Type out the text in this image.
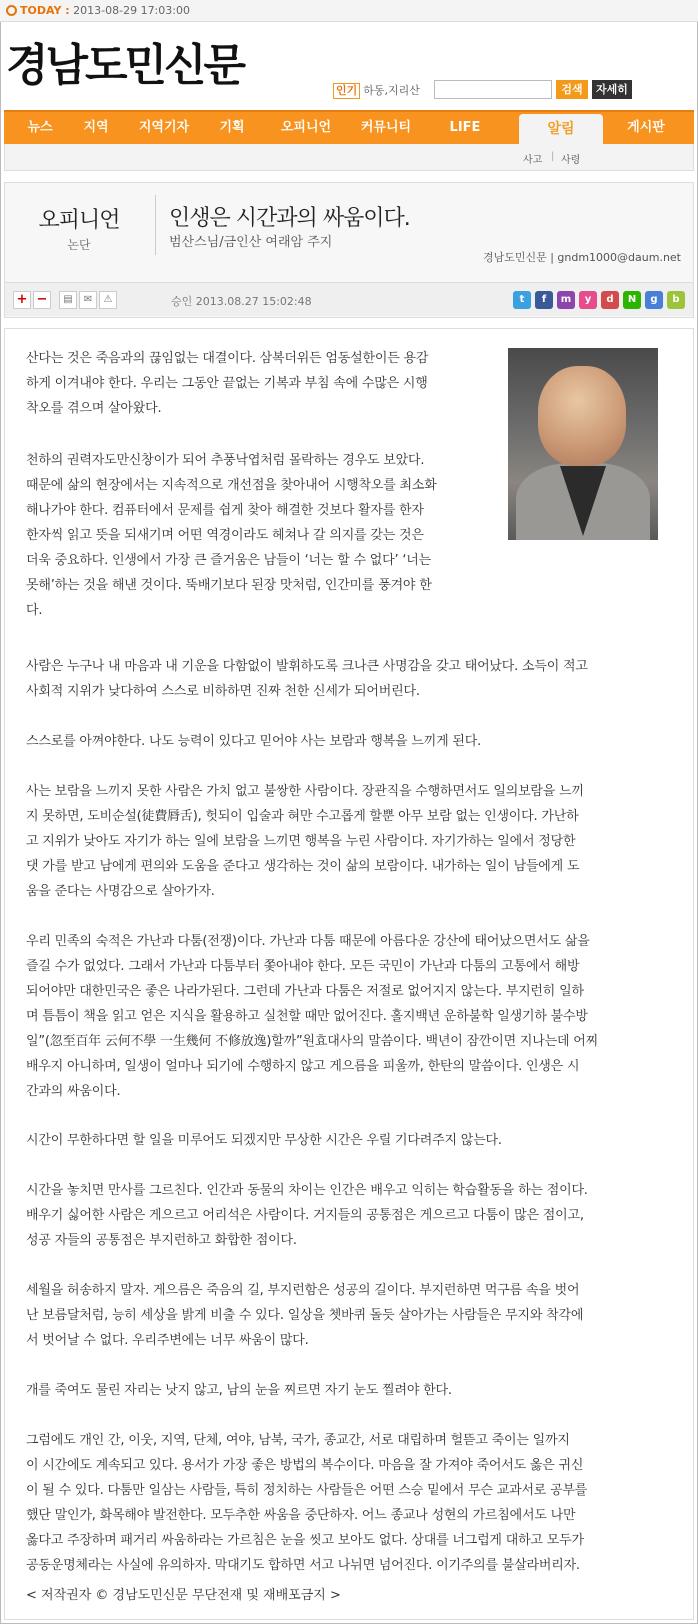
TODAY : 2013-08-29 17:03:00
경남도민신문	인기 하동,지리산	검색	자세히
뉴스	지역	지역기자	기획	오피니언	커뮤니티	LIFE	알림	게시판
사고 | 사령
오피니언
논단
인생은 시간과의 싸움이다.
범산스님/금인산 여래암 주지
경남도민신문 | gndm1000@daum.net
+ −	▤	✉	⚠	승인 2013.08.27 15:02:48	t	f	m	y	d	N	g	b
산다는 것은 죽음과의 끊임없는 대결이다. 삼복더위든 엄동설한이든 용감
하게 이겨내야 한다. 우리는 그동안 끝없는 기복과 부침 속에 수많은 시행
착오를 겪으며 살아왔다.
천하의 권력자도만신창이가 되어 추풍낙엽처럼 몰락하는 경우도 보았다.
때문에 삶의 현장에서는 지속적으로 개선점을 찾아내어 시행착오를 최소화
해나가야 한다. 컴퓨터에서 문제를 쉽게 찾아 해결한 것보다 활자를 한자
한자씩 읽고 뜻을 되새기며 어떤 역경이라도 헤쳐나 갈 의지를 갖는 것은
더욱 중요하다. 인생에서 가장 큰 즐거움은 남들이 ‘너는 할 수 없다’ ‘너는
못해’하는 것을 해낸 것이다. 뚝배기보다 된장 맛처럼, 인간미를 풍겨야 한
다.
사람은 누구나 내 마음과 내 기운을 다함없이 발휘하도록 크나큰 사명감을 갖고 태어났다. 소득이 적고
사회적 지위가 낮다하여 스스로 비하하면 진짜 천한 신세가 되어버린다.
스스로를 아껴야한다. 나도 능력이 있다고 믿어야 사는 보람과 행복을 느끼게 된다.
사는 보람을 느끼지 못한 사람은 가치 없고 불쌍한 사람이다. 장관직을 수행하면서도 일의보람을 느끼
지 못하면, 도비순설(徒費脣舌), 헛되이 입술과 혀만 수고롭게 할뿐 아무 보람 없는 인생이다. 가난하
고 지위가 낮아도 자기가 하는 일에 보람을 느끼면 행복을 누린 사람이다. 자기가하는 일에서 정당한
댓 가를 받고 남에게 편의와 도움을 준다고 생각하는 것이 삶의 보람이다. 내가하는 일이 남들에게 도
움을 준다는 사명감으로 살아가자.
우리 민족의 숙적은 가난과 다툼(전쟁)이다. 가난과 다툼 때문에 아름다운 강산에 태어났으면서도 삶을
즐길 수가 없었다. 그래서 가난과 다툼부터 쫓아내야 한다. 모든 국민이 가난과 다툼의 고통에서 해방
되어야만 대한민국은 좋은 나라가된다. 그런데 가난과 다툼은 저절로 없어지지 않는다. 부지런히 일하
며 틈틈이 책을 읽고 얻은 지식을 활용하고 실천할 때만 없어진다. 홀지백년 운하불학 일생기하 불수방
일”(忽至百年 云何不學 一生幾何 不修放逸)할까”원효대사의 말씀이다. 백년이 잠깐이면 지나는데 어찌
배우지 아니하며, 일생이 얼마나 되기에 수행하지 않고 게으름을 피울까, 한탄의 말씀이다. 인생은 시
간과의 싸움이다.
시간이 무한하다면 할 일을 미루어도 되겠지만 무상한 시간은 우릴 기다려주지 않는다.
시간을 놓치면 만사를 그르친다. 인간과 동물의 차이는 인간은 배우고 익히는 학습활동을 하는 점이다.
배우기 싫어한 사람은 게으르고 어리석은 사람이다. 거지들의 공통점은 게으르고 다툼이 많은 점이고,
성공 자들의 공통점은 부지런하고 화합한 점이다.
세월을 허송하지 말자. 게으름은 죽음의 길, 부지런함은 성공의 길이다. 부지런하면 먹구름 속을 벗어
난 보름달처럼, 능히 세상을 밝게 비출 수 있다. 일상을 쳇바퀴 돌듯 살아가는 사람들은 무지와 착각에
서 벗어날 수 없다. 우리주변에는 너무 싸움이 많다.
개를 죽여도 물린 자리는 낫지 않고, 남의 눈을 찌르면 자기 눈도 찔려야 한다.
그럼에도 개인 간, 이웃, 지역, 단체, 여야, 남북, 국가, 종교간, 서로 대립하며 헐뜯고 죽이는 일까지
이 시간에도 계속되고 있다. 용서가 가장 좋은 방법의 복수이다. 마음을 잘 가져야 죽어서도 옳은 귀신
이 될 수 있다. 다툼만 일삼는 사람들, 특히 정치하는 사람들은 어떤 스승 밑에서 무슨 교과서로 공부를
했단 말인가, 화목해야 발전한다. 모두추한 싸움을 중단하자. 어느 종교나 성현의 가르침에서도 나만
옳다고 주장하며 패거리 싸움하라는 가르침은 눈을 씻고 보아도 없다. 상대를 너그럽게 대하고 모두가
공동운명체라는 사실에 유의하자. 막대기도 합하면 서고 나뉘면 넘어진다. 이기주의를 불살라버리자.
< 저작권자 © 경남도민신문 무단전재 및 재배포금지 >
